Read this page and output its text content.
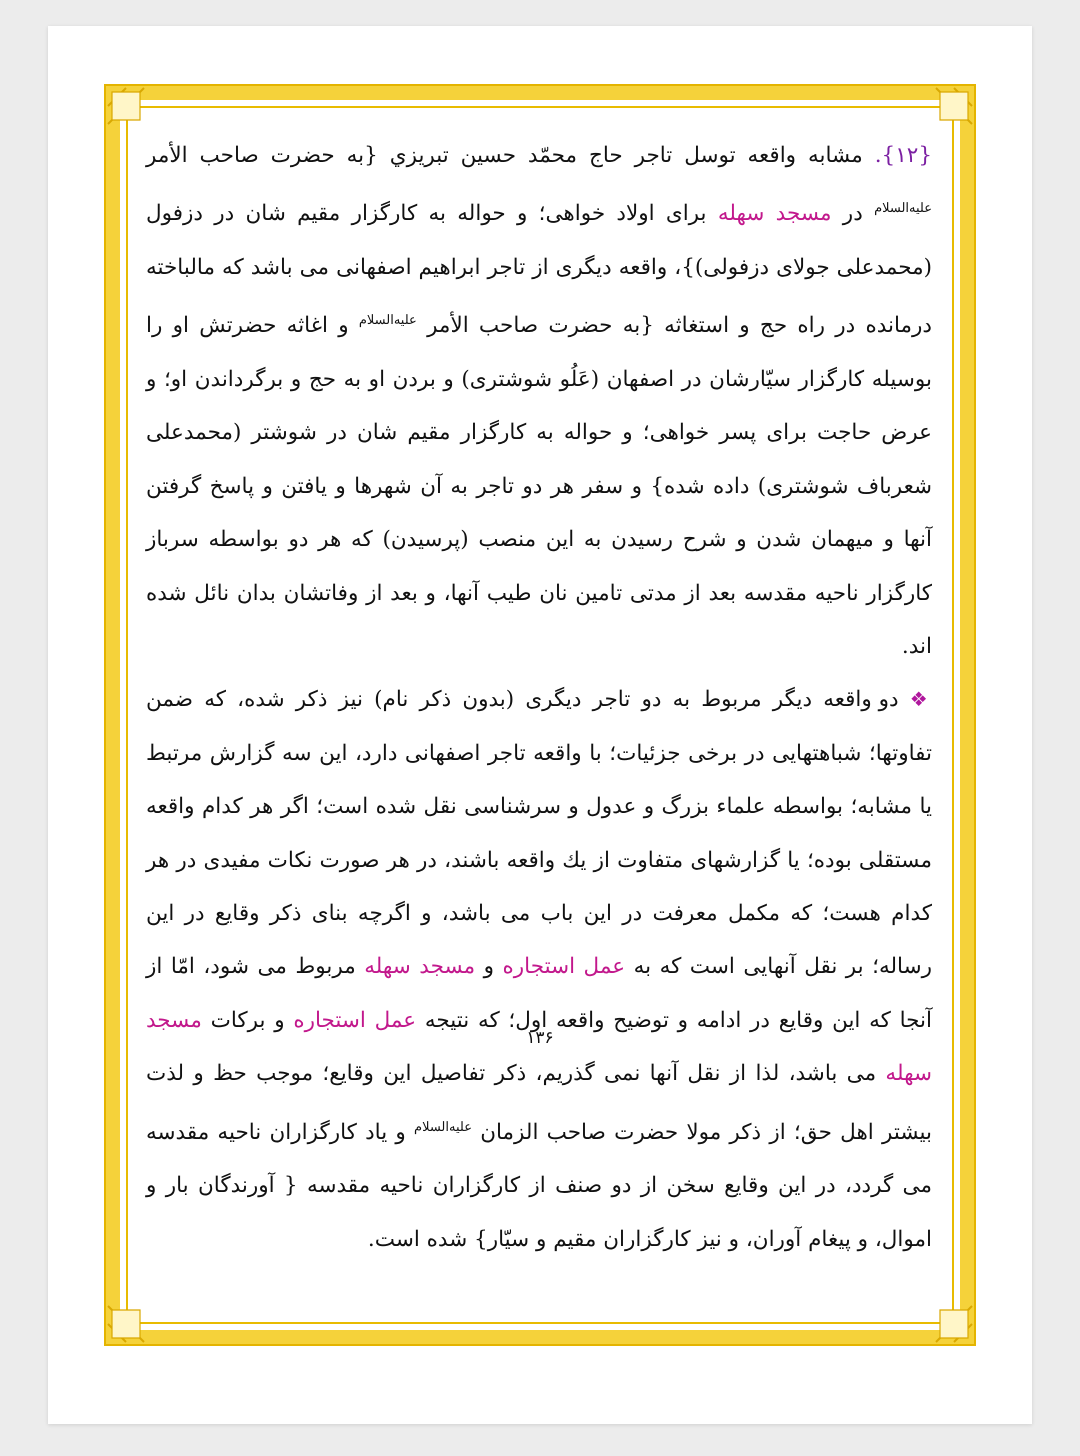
{۱۲}. مشابه واقعه توسل تاجر حاج محمّد حسین تبریزي {به حضرت صاحب الأمر $^{عليه‌السلام}$ در مسجد سهله برای اولاد خواهی؛ و حواله به کارگزار مقیم شان در دزفول (محمدعلی جولای دزفولی)}، واقعه دیگری از تاجر ابراهیم اصفهانی می باشد که مالباخته درمانده در راه حج و استغاثه {به حضرت صاحب الأمر $^{عليه‌السلام}$ و اغاثه حضرتش او را بوسیله کارگزار سیّارشان در اصفهان (عَلُو شوشتری) و بردن او به حج و برگرداندن او؛ و عرض حاجت برای پسر خواهی؛ و حواله به کارگزار مقیم شان در شوشتر (محمدعلی شعرباف شوشتری) داده شده} و سفر هر دو تاجر به آن شهرها و یافتن و پاسخ گرفتن آنها و میهمان شدن و شرح رسیدن به این منصب (پرسیدن) که هر دو بواسطه سرباز کارگزار ناحیه مقدسه بعد از مدتی تامین نان طیب آنها، و بعد از وفاتشان بدان نائل شده اند.

❖ دو واقعه دیگر مربوط به دو تاجر دیگری (بدون ذکر نام) نیز ذکر شده، که ضمن تفاوتها؛ شباهتهایی در برخی جزئیات؛ با واقعه تاجر اصفهانی دارد، این سه گزارش مرتبط یا مشابه؛ بواسطه علماء بزرگ و عدول و سرشناسی نقل شده است؛ اگر هر کدام واقعه مستقلی بوده؛ یا گزارشهای متفاوت از یك واقعه باشند، در هر صورت نکات مفیدی در هر کدام هست؛ که مکمل معرفت در این باب می باشد، و اگرچه بنای ذکر وقایع در این رساله؛ بر نقل آنهایی است که به عمل استجاره و مسجد سهله مربوط می شود، امّا از آنجا که این وقایع در ادامه و توضیح واقعه اول؛ که نتیجه عمل استجاره و برکات مسجد سهله می باشد، لذا از نقل آنها نمی گذریم، ذکر تفاصیل این وقایع؛ موجب حظ و لذت بیشتر اهل حق؛ از ذکر مولا حضرت صاحب الزمان $^{عليه‌السلام}$ و یاد کارگزاران ناحیه مقدسه می گردد، در این وقایع سخن از دو صنف از کارگزاران ناحیه مقدسه { آورندگان بار و اموال، و پیغام آوران، و نیز کارگزاران مقیم و سیّار} شده است.

۱۳۶
